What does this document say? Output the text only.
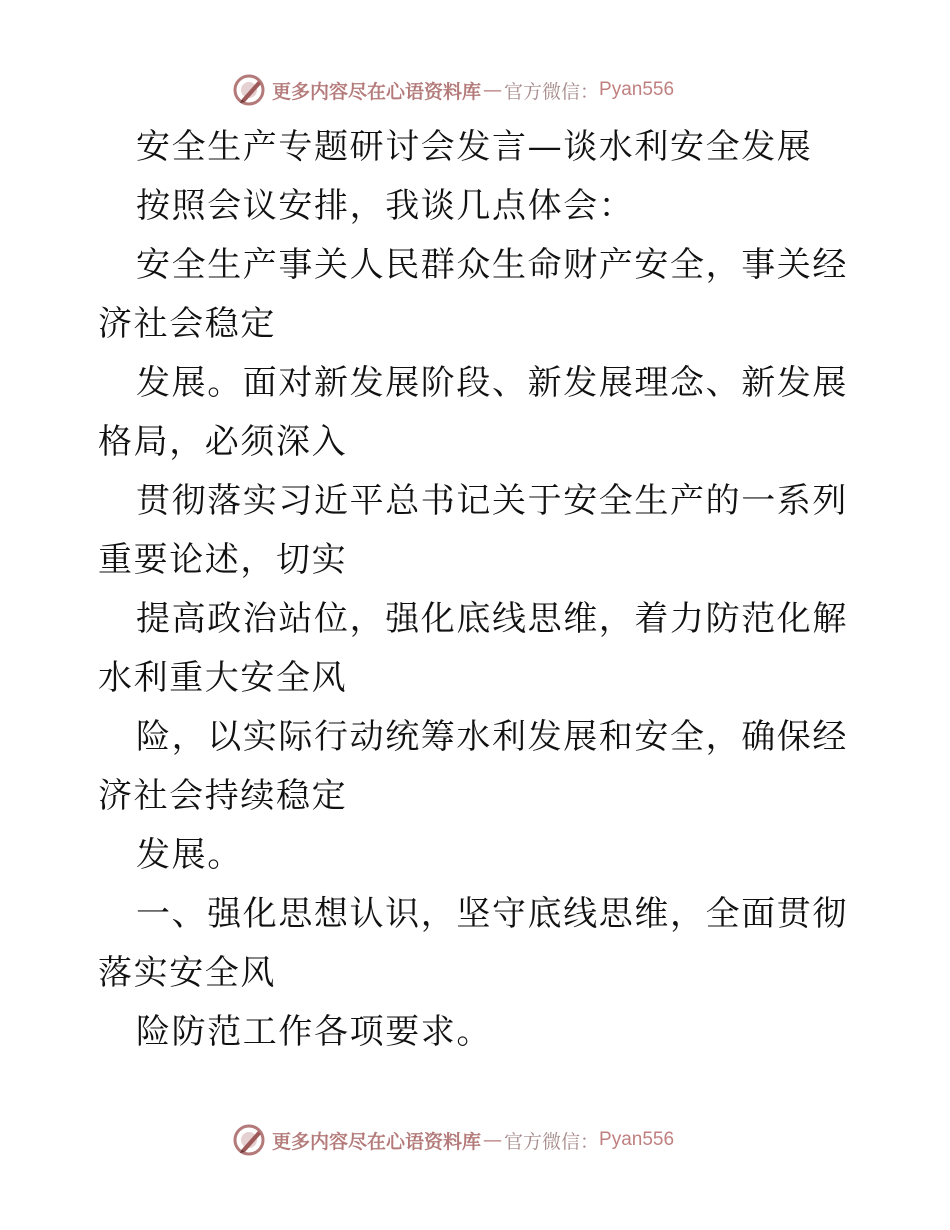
更多内容尽在心语资料库 — 官方微信： Pyan556

安全生产专题研讨会发言—谈水利安全发展

按照会议安排，我谈几点体会：

安全生产事关人民群众生命财产安全，事关经济社会稳定

发展。面对新发展阶段、新发展理念、新发展格局，必须深入

贯彻落实习近平总书记关于安全生产的一系列重要论述，切实

提高政治站位，强化底线思维，着力防范化解水利重大安全风

险，以实际行动统筹水利发展和安全，确保经济社会持续稳定

发展。

一、强化思想认识，坚守底线思维，全面贯彻落实安全风

险防范工作各项要求。

更多内容尽在心语资料库 — 官方微信： Pyan556
